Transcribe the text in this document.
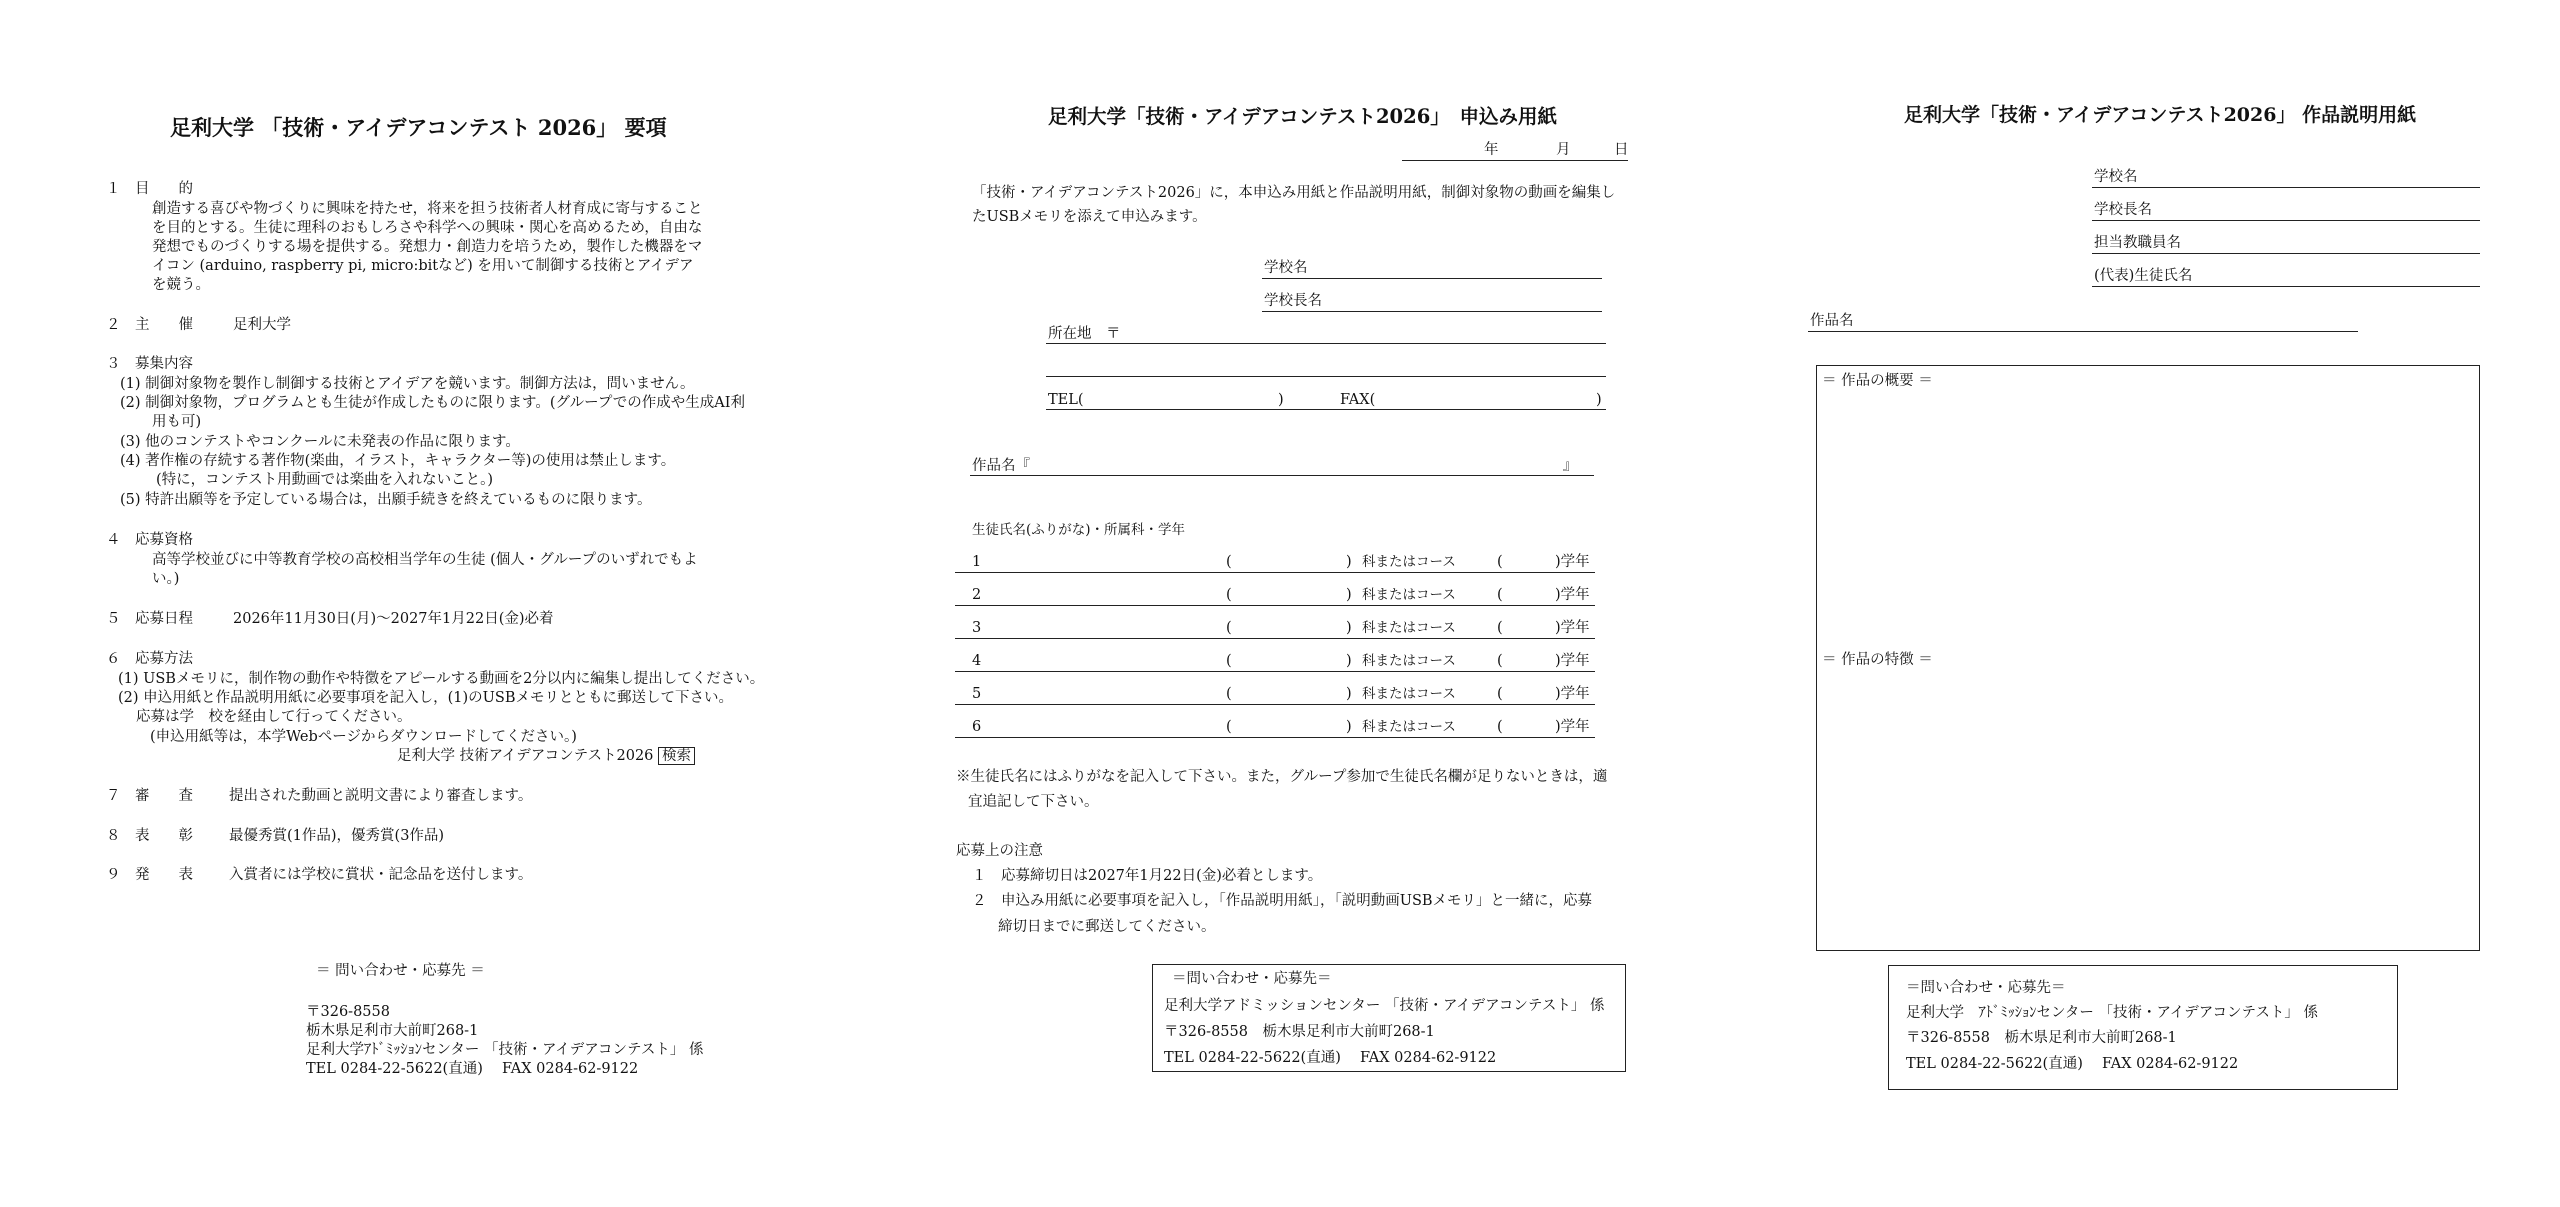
足利大学 「技術・アイデアコンテスト 2026」 要項
１　目　　的
創造する喜びや物づくりに興味を持たせ，将来を担う技術者人材育成に寄与すること
を目的とする。生徒に理科のおもしろさや科学への興味・関心を高めるため，自由な
発想でものづくりする場を提供する。発想力・創造力を培うため，製作した機器をマ
イコン (arduino, raspberry pi, micro:bitなど) を用いて制御する技術とアイデア
を競う。
２　主　　催	足利大学
３　募集内容
(1) 制御対象物を製作し制御する技術とアイデアを競います。制御方法は，問いません。
(2) 制御対象物，プログラムとも生徒が作成したものに限ります。(グループでの作成や生成AI利
用も可)
(3) 他のコンテストやコンクールに未発表の作品に限ります。
(4) 著作権の存続する著作物(楽曲，イラスト，キャラクター等)の使用は禁止します。
(特に，コンテスト用動画では楽曲を入れないこと。)
(5) 特許出願等を予定している場合は，出願手続きを終えているものに限ります。
４　応募資格
高等学校並びに中等教育学校の高校相当学年の生徒 (個人・グループのいずれでもよ
い。)
５　応募日程	2026年11月30日(月)～2027年1月22日(金)必着
６　応募方法
(1) USBメモリに，制作物の動作や特徴をアピールする動画を2分以内に編集し提出してください。
(2) 申込用紙と作品説明用紙に必要事項を記入し，(1)のUSBメモリとともに郵送して下さい。
応募は学　校を経由して行ってください。
(申込用紙等は，本学Webページからダウンロードしてください。)
足利大学 技術アイデアコンテスト2026 検索
７　審　　査 提出された動画と説明文書により審査します。
８　表　　彰 最優秀賞(1作品)，優秀賞(3作品)
９　発　　表 入賞者には学校に賞状・記念品を送付します。
＝ 問い合わせ・応募先 ＝
〒326-8558
栃木県足利市大前町268-1
足利大学ｱﾄﾞﾐｯｼｮﾝセンター 「技術・アイデアコンテスト」 係
TEL 0284-22-5622(直通)　 FAX 0284-62-9122
足利大学「技術・アイデアコンテスト2026」　申込み用紙
年	月	日
「技術・アイデアコンテスト2026」に，本申込み用紙と作品説明用紙，制御対象物の動画を編集し
たUSBメモリを添えて申込みます。
学校名
学校長名
所在地　〒
TEL(	)	FAX(	)
作品名『	』
生徒氏名(ふりがな)・所属科・学年
1	(	) 科またはコース	(	)学年
2	(	) 科またはコース	(	)学年
3	(	) 科またはコース	(	)学年
4	(	) 科またはコース	(	)学年
5	(	) 科またはコース	(	)学年
6	(	) 科またはコース	(	)学年
※生徒氏名にはふりがなを記入して下さい。また，グループ参加で生徒氏名欄が足りないときは，適
宜追記して下さい。
応募上の注意
１　応募締切日は2027年1月22日(金)必着とします。
２　申込み用紙に必要事項を記入し，「作品説明用紙」，「説明動画USBメモリ」と一緒に，応募
締切日までに郵送してください。
＝問い合わせ・応募先＝
足利大学アドミッションセンター 「技術・アイデアコンテスト」 係
〒326-8558　栃木県足利市大前町268-1
TEL 0284-22-5622(直通)　 FAX 0284-62-9122
足利大学「技術・アイデアコンテスト2026」 作品説明用紙
学校名
学校長名
担当教職員名
(代表)生徒氏名
作品名
＝ 作品の概要 ＝
＝ 作品の特徴 ＝
＝問い合わせ・応募先＝
足利大学　ｱﾄﾞﾐｯｼｮﾝセンター 「技術・アイデアコンテスト」 係
〒326-8558　栃木県足利市大前町268-1
TEL 0284-22-5622(直通)　 FAX 0284-62-9122
